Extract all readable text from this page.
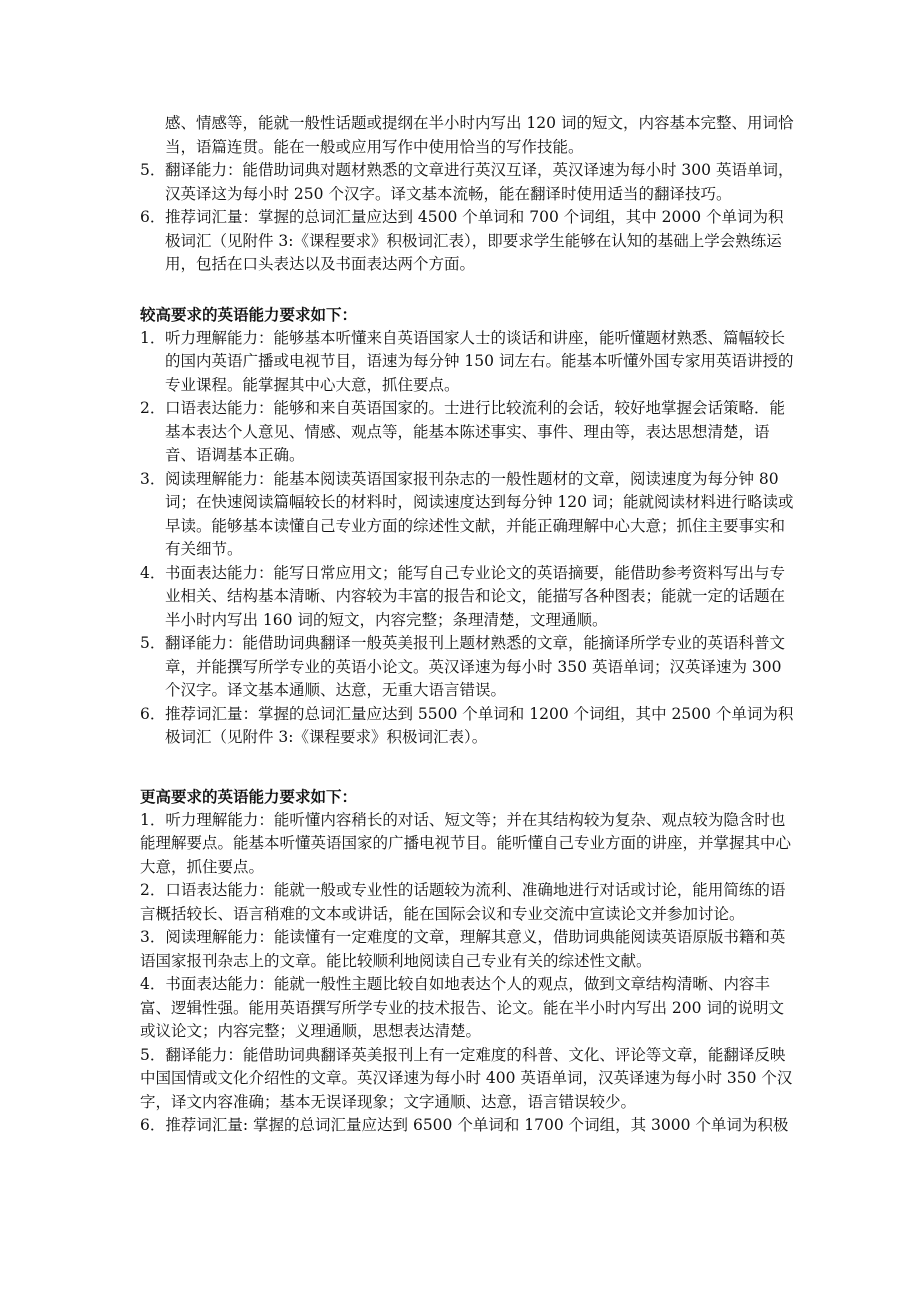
感、情感等，能就一般性话题或提纲在半小时内写出 120 词的短文，内容基本完整、用词恰当，语篇连贯。能在一般或应用写作中使用恰当的写作技能。

5． 翻译能力：能借助词典对题材熟悉的文章进行英汉互译，英汉译速为每小时 300 英语单词，汉英译这为每小时 250 个汉字。译文基本流畅，能在翻译时使用适当的翻译技巧。
6． 推荐词汇量：掌握的总词汇量应达到 4500 个单词和 700 个词组，其中 2000 个单词为积极词汇（见附件 3:《课程要求》积极词汇表），即要求学生能够在认知的基础上学会熟练运用，包括在口头表达以及书面表达两个方面。

较高要求的英语能力要求如下：

1． 听力理解能力：能够基本听懂来自英语国家人士的谈话和讲座，能听懂题材熟悉、篇幅较长的国内英语广播或电视节目，语速为每分钟 150 词左右。能基本听懂外国专家用英语讲授的专业课程。能掌握其中心大意，抓住要点。
2． 口语表达能力：能够和来自英语国家的。士进行比较流利的会话，较好地掌握会话策略．能基本表达个人意见、情感、观点等，能基本陈述事实、事件、理由等，表达思想清楚，语音、语调基本正确。
3． 阅读理解能力：能基本阅读英语国家报刊杂志的一般性题材的文章，阅读速度为每分钟 80 词；在快速阅读篇幅较长的材料时，阅读速度达到每分钟 120 词；能就阅读材料进行略读或早读。能够基本读懂自己专业方面的综述性文献，并能正确理解中心大意；抓住主要事实和有关细节。
4． 书面表达能力：能写日常应用文；能写自己专业论文的英语摘要，能借助参考资料写出与专业相关、结构基本清晰、内容较为丰富的报告和论文，能描写各种图表；能就一定的话题在半小时内写出 160 词的短文，内容完整；条理清楚，文理通顺。
5． 翻译能力：能借助词典翻译一般英美报刊上题材熟悉的文章，能摘译所学专业的英语科普文章，并能撰写所学专业的英语小论文。英汉译速为每小时 350 英语单词；汉英译速为 300 个汉字。译文基本通顺、达意，无重大语言错误。
6． 推荐词汇量：掌握的总词汇量应达到 5500 个单词和 1200 个词组，其中 2500 个单词为积极词汇（见附件 3:《课程要求》积极词汇表）。

更高要求的英语能力要求如下：

1．听力理解能力：能听懂内容稍长的对话、短文等；并在其结构较为复杂、观点较为隐含时也能理解要点。能基本听懂英语国家的广播电视节目。能听懂自己专业方面的讲座，并掌握其中心大意，抓住要点。
2．口语表达能力：能就一般或专业性的话题较为流利、准确地进行对话或讨论，能用简练的语言概括较长、语言稍难的文本或讲话，能在国际会议和专业交流中宣读论文并参加讨论。
3．阅读理解能力：能读懂有一定难度的文章，理解其意义，借助词典能阅读英语原版书籍和英语国家报刊杂志上的文章。能比较顺利地阅读自己专业有关的综述性文献。
4．书面表达能力：能就一般性主题比较自如地表达个人的观点，做到文章结构清晰、内容丰富、逻辑性强。能用英语撰写所学专业的技术报告、论文。能在半小时内写出 200 词的说明文或议论文；内容完整；义理通顺，思想表达清楚。
5．翻译能力：能借助词典翻译英美报刊上有一定难度的科普、文化、评论等文章，能翻译反映中国国情或文化介绍性的文章。英汉译速为每小时 400 英语单词，汉英译速为每小时 350 个汉字，译文内容准确；基本无误译现象；文字通顺、达意，语言错误较少。
6．推荐词汇量: 掌握的总词汇量应达到 6500 个单词和 1700 个词组，其 3000 个单词为积极
